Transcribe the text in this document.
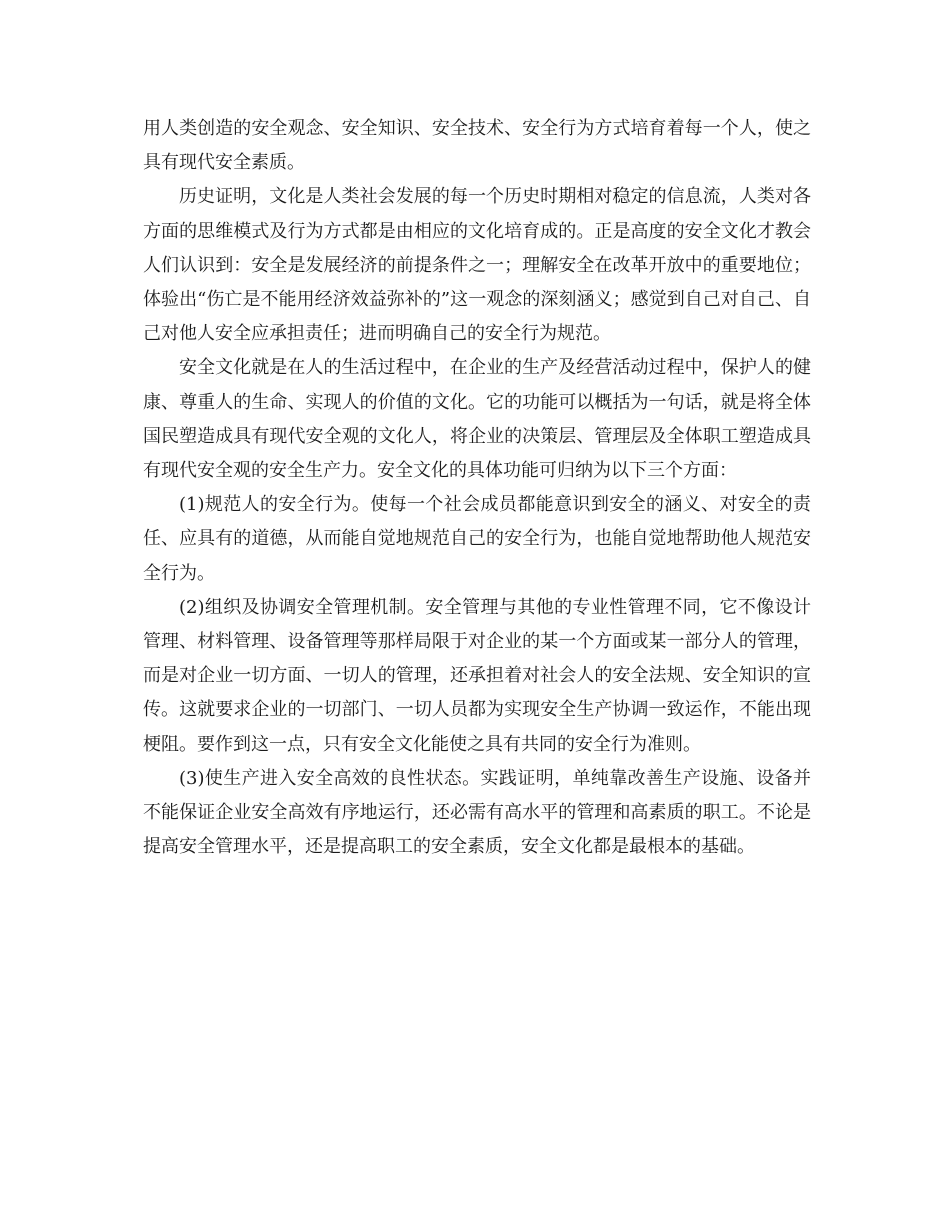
用人类创造的安全观念、安全知识、安全技术、安全行为方式培育着每一个人，使之具有现代安全素质。

历史证明，文化是人类社会发展的每一个历史时期相对稳定的信息流，人类对各方面的思维模式及行为方式都是由相应的文化培育成的。正是高度的安全文化才教会人们认识到：安全是发展经济的前提条件之一；理解安全在改革开放中的重要地位；体验出“伤亡是不能用经济效益弥补的”这一观念的深刻涵义；感觉到自己对自己、自己对他人安全应承担责任；进而明确自己的安全行为规范。

安全文化就是在人的生活过程中，在企业的生产及经营活动过程中，保护人的健康、尊重人的生命、实现人的价值的文化。它的功能可以概括为一句话，就是将全体国民塑造成具有现代安全观的文化人，将企业的决策层、管理层及全体职工塑造成具有现代安全观的安全生产力。安全文化的具体功能可归纳为以下三个方面：

(1)规范人的安全行为。使每一个社会成员都能意识到安全的涵义、对安全的责任、应具有的道德，从而能自觉地规范自己的安全行为，也能自觉地帮助他人规范安全行为。

(2)组织及协调安全管理机制。安全管理与其他的专业性管理不同，它不像设计管理、材料管理、设备管理等那样局限于对企业的某一个方面或某一部分人的管理，而是对企业一切方面、一切人的管理，还承担着对社会人的安全法规、安全知识的宣传。这就要求企业的一切部门、一切人员都为实现安全生产协调一致运作，不能出现梗阻。要作到这一点，只有安全文化能使之具有共同的安全行为准则。

(3)使生产进入安全高效的良性状态。实践证明，单纯靠改善生产设施、设备并不能保证企业安全高效有序地运行，还必需有高水平的管理和高素质的职工。不论是提高安全管理水平，还是提高职工的安全素质，安全文化都是最根本的基础。
